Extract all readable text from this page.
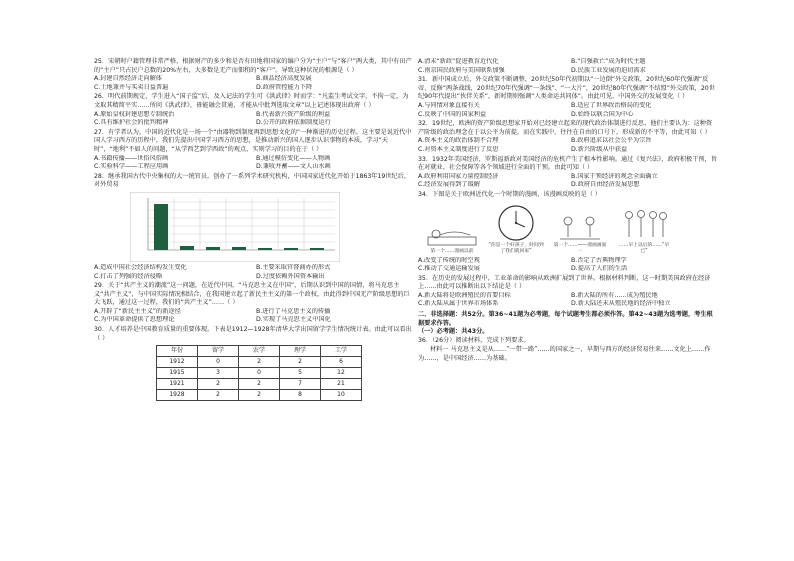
25．宋朝时户籍管理非常严格，根据财产的多少和是否有田地将国家的编户分为“主户”与“客户”两大类，其中有田产的“主户”只占民户总数的20%左右，大多数是无产而佃租的“客户”。导致这种状况的根源是（ ）
A.封建自然经济走向解体	B.商品经济高度发展
C.土地兼并与买卖日益普遍	D.政府管控能力下降
26．明代前期规定，学生进入“国子监”后，及入记法的学生可《洪武律》时而学：“凡监生考试文字，不拘一定，为文取其精简平实……所问《洪武律》，毋能融会贯通，才能从中批判选取文章”以上记述体现出政府（ ）
A.原始皇权封建思想专制统治	B.代表新兴资产阶级的利益
C.具有维护社会的批判精神	D.公开的政府依据制度运行
27．有学者认为，中国的近代化是一场一个“由器物到制度再到思想文化的”一种渐进的历史过程。这主要是说近代中国人学习西方的历程中，我们先提出中国学习西方的思想，是推动新兴的国人逐步认识事物的本质，学习“天时”，“地利”不如人的问题，“从学西艺到学西政”的观点，实则学习的目的在于（ ）
A.书籍传播——世俗风俗画	B.通过模仿变化——人物画
C.实验科学——工程应用画	D.兼收并蓄——文人山水画
28．继承我国古代中央集权的大一统官员，创办了一系列学术研究机构，中国国家近代化开始于1863年19世纪后，对外贸易
A.造成中国社会经济结构发生变化	B.主要采取官督商办的形式
C.打击了列强的经济侵略	D.过度依赖外国资本输出
29．关于“共产主义的潮流”这一问题，在近代中国，“马克思主义在中国”，后期认识到中国的国情，将马克思主义“共产主义”，与中国实际情况相结合，在我国建立起了新民主主义的第一个政权，由此得到中国无产阶级思想的巨大飞跃，通过这一过程，我们的“共产主义”……（ ）
A.开辟了“新民主主义”的新途径	B.进行了马克思主义的传播
C.为中国革命提供了思想理论	D.实现了马克思主义中国化
30．人才培养是中国教育质量的重要体现。下表是1912—1928年清华大学出国留学学生情况统计表。由此可以看出（ ）
年份	留学	农学	理学	工学
1912	0	2	2	6
1915	3	0	5	12
1921	2	2	7	21
1928	2	2	8	10
A.清末“新政”促进教育近代化	B.“自强救亡”成为时代主题
C.南京国民政府与美国联系加强	D.民族工业发展的迫切需求
31．新中国成立后，外交政策不断调整，20世纪50年代初期以“一边倒”外交政策，20世纪60年代强调“反帝、反修”两条战线，20世纪70年代强调“一条线”、“一大片”，20世纪80年代强调“不结盟”外交政策，20世纪90年代提出“伙伴关系”，新时期则强调“人类命运共同体”。由此可见，中国外交的发展变化（ ）
A.与同情对象直接有关	B.适应了世界政治格局的变化
C.反映了中国的国家利益	D.始终以联合国为中心
32．19世纪，欧洲的资产阶级思想家开始对已经建立起来的现代政治体制进行反思，他们主要认为：这种资产阶级的政治理念在于以公平为前提，而在实践中，往往在自由的口号下，形成新的不平等，由此可知（ ）
A.资本主义的政治体制不合理	B.政府追求以社会公平为宗旨
C.对资本主义制度进行了反思	D.新兴阶级从中获益
33．1932年美国经济，罗斯福新政对美国经济的危机产生了根本性影响。通过《复兴法》，政府积极干预，旨在对就业、社会保障等各个领域进行全面的干预。由此可知（ ）
A.政府利用国家力量控制经济	B.国家干预经济的观念全面确立
C.经济发展得到了缓解	D.政府自由经济发展思想
34．下图是关于欧洲近代化一个时期的漫画，该漫画反映的是（ ）
第一个……漫画以前
“你是一个好孩子，时间到了我们就回家”
第一个……——漫画画面一
……早上以后的……“早已”
A.改变了传统的时空观	B.否定了古典物理学
C.推动了交通运输发展	D.提高了人们的生活
35．在历史的发展过程中，工业革命的影响从欧洲扩展到了世界。根据材料判断，这一时期美国政府在经济上……由此可以推断出以下结论是（ ）
A.新大陆将是欧洲殖民的首要目标	B.新大陆的所有……成为殖民地
C.新大陆从属于世界市场体系	D.新大陆还未从殖民地的经济中独立
二、非选择题：共52分。第36~41题为必考题，每个试题考生都必须作答。第42~43题为选考题，考生根据要求作答。
（一）必考题：共43分。
36．（26分）阅读材料，完成下列要求。
材料一 马克思主义是从……“一带一路”……的国家之一，早期与西方的经济贸易往来……文化上……作为……，是中国经济……为基础。
